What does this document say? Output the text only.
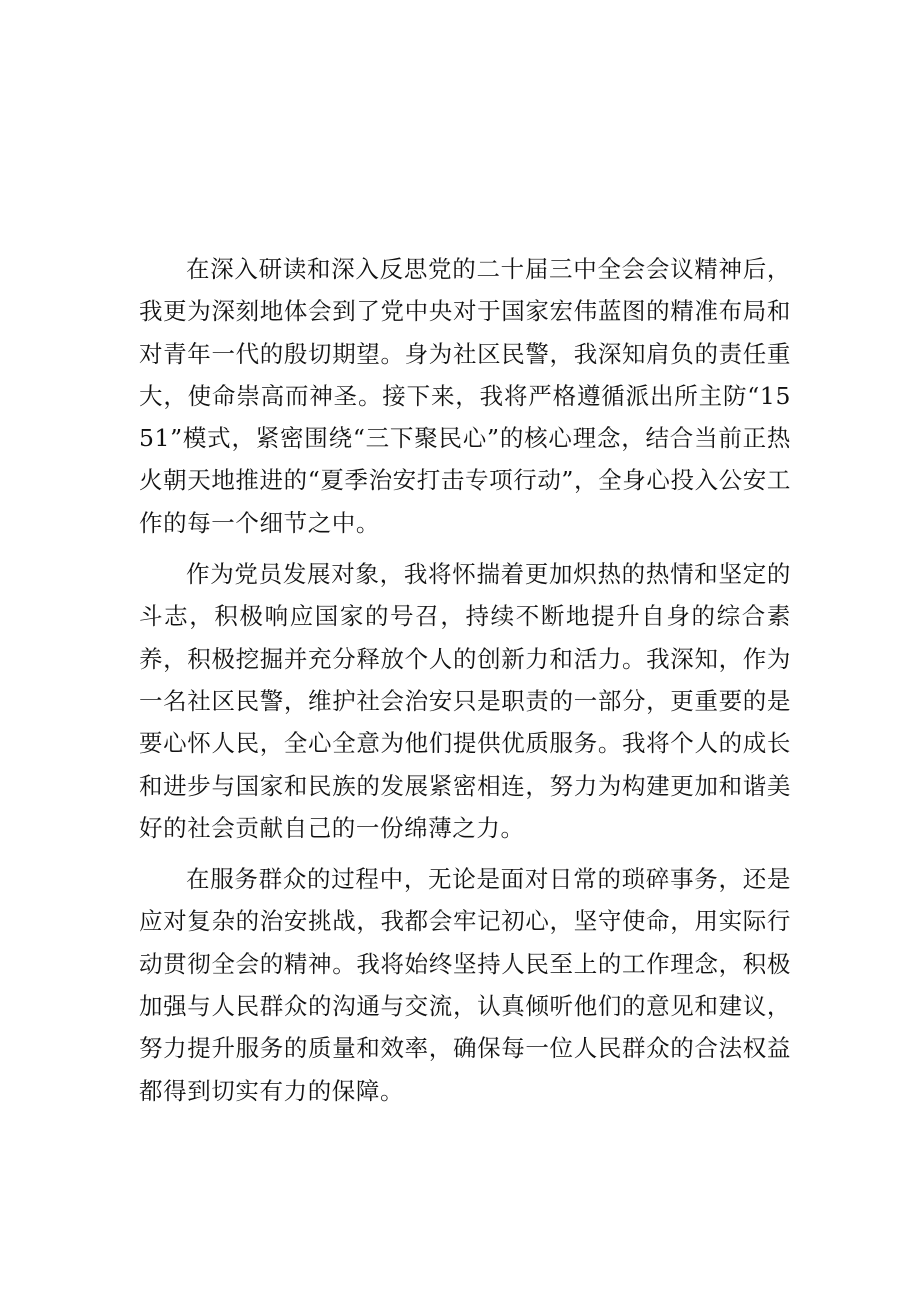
在深入研读和深入反思党的二十届三中全会会议精神后，我更为深刻地体会到了党中央对于国家宏伟蓝图的精准布局和对青年一代的殷切期望。身为社区民警，我深知肩负的责任重大，使命崇高而神圣。接下来，我将严格遵循派出所主防“1551”模式，紧密围绕“三下聚民心”的核心理念，结合当前正热火朝天地推进的“夏季治安打击专项行动”，全身心投入公安工作的每一个细节之中。

作为党员发展对象，我将怀揣着更加炽热的热情和坚定的斗志，积极响应国家的号召，持续不断地提升自身的综合素养，积极挖掘并充分释放个人的创新力和活力。我深知，作为一名社区民警，维护社会治安只是职责的一部分，更重要的是要心怀人民，全心全意为他们提供优质服务。我将个人的成长和进步与国家和民族的发展紧密相连，努力为构建更加和谐美好的社会贡献自己的一份绵薄之力。

在服务群众的过程中，无论是面对日常的琐碎事务，还是应对复杂的治安挑战，我都会牢记初心，坚守使命，用实际行动贯彻全会的精神。我将始终坚持人民至上的工作理念，积极加强与人民群众的沟通与交流，认真倾听他们的意见和建议，努力提升服务的质量和效率，确保每一位人民群众的合法权益都得到切实有力的保障。
